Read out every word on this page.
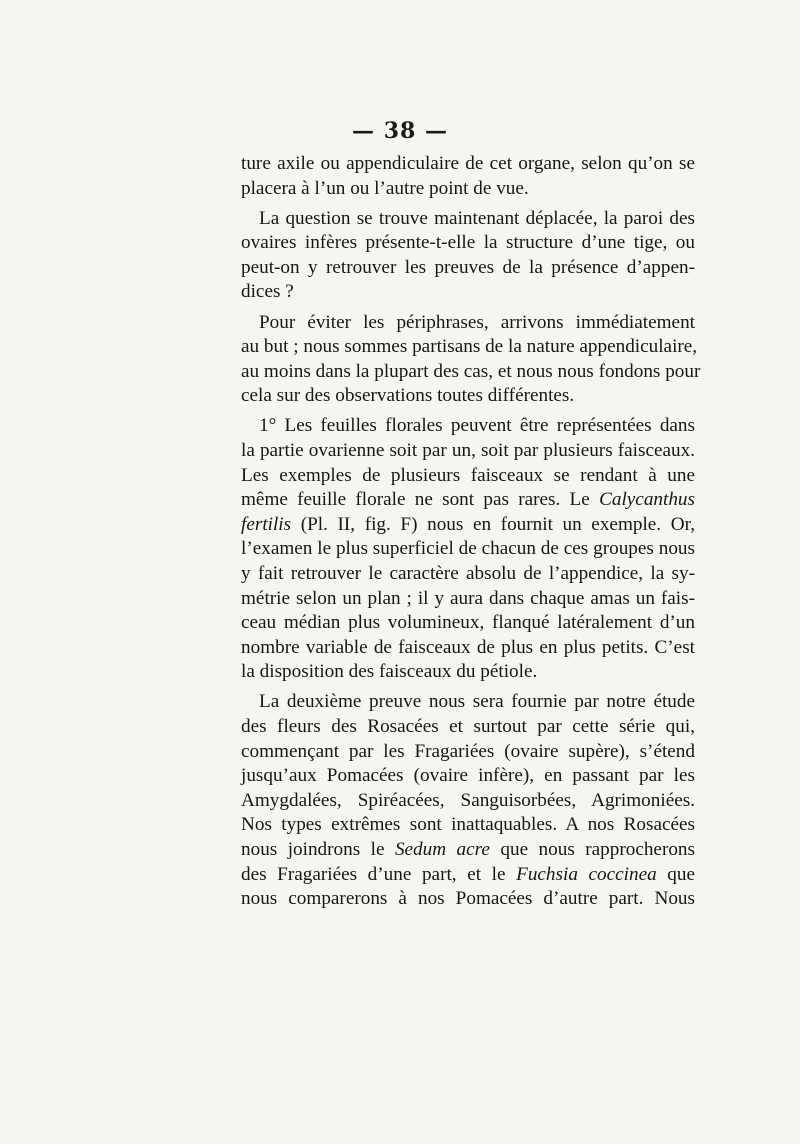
— 38 —
ture axile ou appendiculaire de cet organe, selon qu’on se
placera à l’un ou l’autre point de vue.
La question se trouve maintenant déplacée, la paroi des
ovaires infères présente-t-elle la structure d’une tige, ou
peut-on y retrouver les preuves de la présence d’appen-
dices ?
Pour éviter les périphrases, arrivons immédiatement
au but ; nous sommes partisans de la nature appendiculaire,
au moins dans la plupart des cas, et nous nous fondons pour
cela sur des observations toutes différentes.
1° Les feuilles florales peuvent être représentées dans
la partie ovarienne soit par un, soit par plusieurs faisceaux.
Les exemples de plusieurs faisceaux se rendant à une
même feuille florale ne sont pas rares. Le Calycanthus
fertilis (Pl. II, fig. F) nous en fournit un exemple. Or,
l’examen le plus superficiel de chacun de ces groupes nous
y fait retrouver le caractère absolu de l’appendice, la sy-
métrie selon un plan ; il y aura dans chaque amas un fais-
ceau médian plus volumineux, flanqué latéralement d’un
nombre variable de faisceaux de plus en plus petits. C’est
la disposition des faisceaux du pétiole.
La deuxième preuve nous sera fournie par notre étude
des fleurs des Rosacées et surtout par cette série qui,
commençant par les Fragariées (ovaire supère), s’étend
jusqu’aux Pomacées (ovaire infère), en passant par les
Amygdalées, Spiréacées, Sanguisorbées, Agrimoniées.
Nos types extrêmes sont inattaquables. A nos Rosacées
nous joindrons le Sedum acre que nous rapprocherons
des Fragariées d’une part, et le Fuchsia coccinea que
nous comparerons à nos Pomacées d’autre part. Nous
